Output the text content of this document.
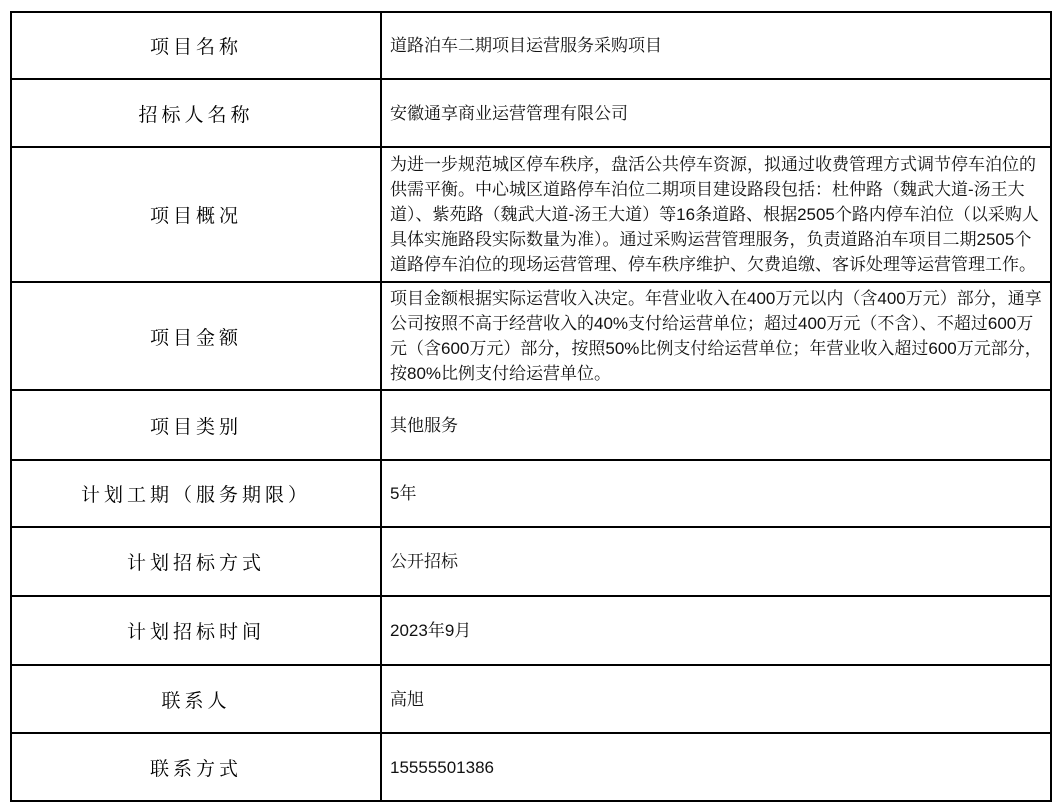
项目名称	道路泊车二期项目运营服务采购项目
招标人名称	安徽通享商业运营管理有限公司
项目概况	为进一步规范城区停车秩序，盘活公共停车资源，拟通过收费管理方式调节停车泊位的供需平衡。中心城区道路停车泊位二期项目建设路段包括：杜仲路（魏武大道-汤王大道）、紫苑路（魏武大道-汤王大道）等16条道路、根据2505个路内停车泊位（以采购人具体实施路段实际数量为准）。通过采购运营管理服务，负责道路泊车项目二期2505个道路停车泊位的现场运营管理、停车秩序维护、欠费追缴、客诉处理等运营管理工作。
项目金额	项目金额根据实际运营收入决定。年营业收入在400万元以内（含400万元）部分，通享公司按照不高于经营收入的40%支付给运营单位；超过400万元（不含）、不超过600万元（含600万元）部分，按照50%比例支付给运营单位；年营业收入超过600万元部分，按80%比例支付给运营单位。
项目类别	其他服务
计划工期（服务期限）	5年
计划招标方式	公开招标
计划招标时间	2023年9月
联系人	高旭
联系方式	15555501386
